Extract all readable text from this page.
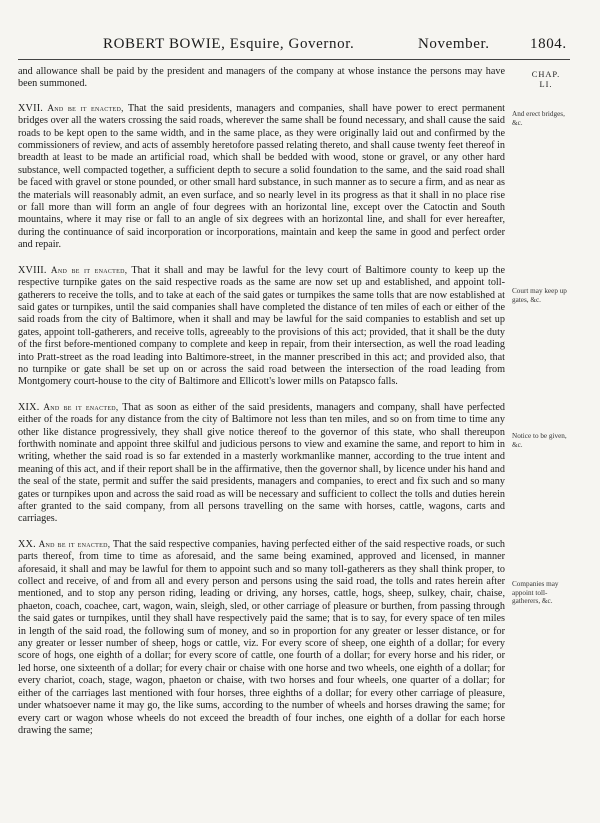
ROBERT BOWIE, Esquire, Governor.	November.	1804.
CHAP.
LI.

and allowance shall be paid by the president and managers of the company at whose instance the persons may have been summoned.

XVII. And be it enacted, That the said presidents, managers and companies, shall have power to erect permanent bridges over all the waters crossing the said roads, wherever the same shall be found necessary, and shall cause the said roads to be kept open to the same width, and in the same place, as they were originally laid out and confirmed by the commissioners of review, and acts of assembly heretofore passed relating thereto, and shall cause twenty feet thereof in breadth at least to be made an artificial road, which shall be bedded with wood, stone or gravel, or any other hard substance, well compacted together, a sufficient depth to secure a solid foundation to the same, and the said road shall be faced with gravel or stone pounded, or other small hard substance, in such manner as to secure a firm, and as near as the materials will reasonably admit, an even surface, and so nearly level in its progress as that it shall in no place rise or fall more than will form an angle of four degrees with an horizontal line, except over the Catoctin and South mountains, where it may rise or fall to an angle of six degrees with an horizontal line, and shall for ever hereafter, during the continuance of said incorporation or incorporations, maintain and keep the same in good and perfect order and repair.

XVIII. And be it enacted, That it shall and may be lawful for the levy court of Baltimore county to keep up the respective turnpike gates on the said respective roads as the same are now set up and established, and appoint toll-gatherers to receive the tolls, and to take at each of the said gates or turnpikes the same tolls that are now established at said gates or turnpikes, until the said companies shall have completed the distance of ten miles of each or either of the said roads from the city of Baltimore, when it shall and may be lawful for the said companies to establish and set up gates, appoint toll-gatherers, and receive tolls, agreeably to the provisions of this act; provided, that it shall be the duty of the first before-mentioned company to complete and keep in repair, from their intersection, as well the road leading into Pratt-street as the road leading into Baltimore-street, in the manner prescribed in this act; and provided also, that no turnpike or gate shall be set up on or across the said road between the intersection of the road leading from Montgomery court-house to the city of Baltimore and Ellicott's lower mills on Patapsco falls.

XIX. And be it enacted, That as soon as either of the said presidents, managers and company, shall have perfected either of the roads for any distance from the city of Baltimore not less than ten miles, and so on from time to time any other like distance progressively, they shall give notice thereof to the governor of this state, who shall thereupon forthwith nominate and appoint three skilful and judicious persons to view and examine the same, and report to him in writing, whether the said road is so far extended in a masterly workmanlike manner, according to the true intent and meaning of this act, and if their report shall be in the affirmative, then the governor shall, by licence under his hand and the seal of the state, permit and suffer the said presidents, managers and companies, to erect and fix such and so many gates or turnpikes upon and across the said road as will be necessary and sufficient to collect the tolls and duties herein after granted to the said company, from all persons travelling on the same with horses, cattle, wagons, carts and carriages.

XX. And be it enacted, That the said respective companies, having perfected either of the said respective roads, or such parts thereof, from time to time as aforesaid, and the same being examined, approved and licensed, in manner aforesaid, it shall and may be lawful for them to appoint such and so many toll-gatherers as they shall think proper, to collect and receive, of and from all and every person and persons using the said road, the tolls and rates herein after mentioned, and to stop any person riding, leading or driving, any horses, cattle, hogs, sheep, sulkey, chair, chaise, phaeton, coach, coachee, cart, wagon, wain, sleigh, sled, or other carriage of pleasure or burthen, from passing through the said gates or turnpikes, until they shall have respectively paid the same; that is to say, for every space of ten miles in length of the said road, the following sum of money, and so in proportion for any greater or lesser distance, or for any greater or lesser number of sheep, hogs or cattle, viz. For every score of sheep, one eighth of a dollar; for every score of hogs, one eighth of a dollar; for every score of cattle, one fourth of a dollar; for every horse and his rider, or led horse, one sixteenth of a dollar; for every chair or chaise with one horse and two wheels, one eighth of a dollar; for every chariot, coach, stage, wagon, phaeton or chaise, with two horses and four wheels, one quarter of a dollar; for either of the carriages last mentioned with four horses, three eighths of a dollar; for every other carriage of pleasure, under whatsoever name it may go, the like sums, according to the number of wheels and horses drawing the same; for every cart or wagon whose wheels do not exceed the breadth of four inches, one eighth of a dollar for each horse drawing the same;

And erect bridges, &c.
Court may keep up gates, &c.
Notice to be given, &c.
Companies may appoint toll-gatherers, &c.
